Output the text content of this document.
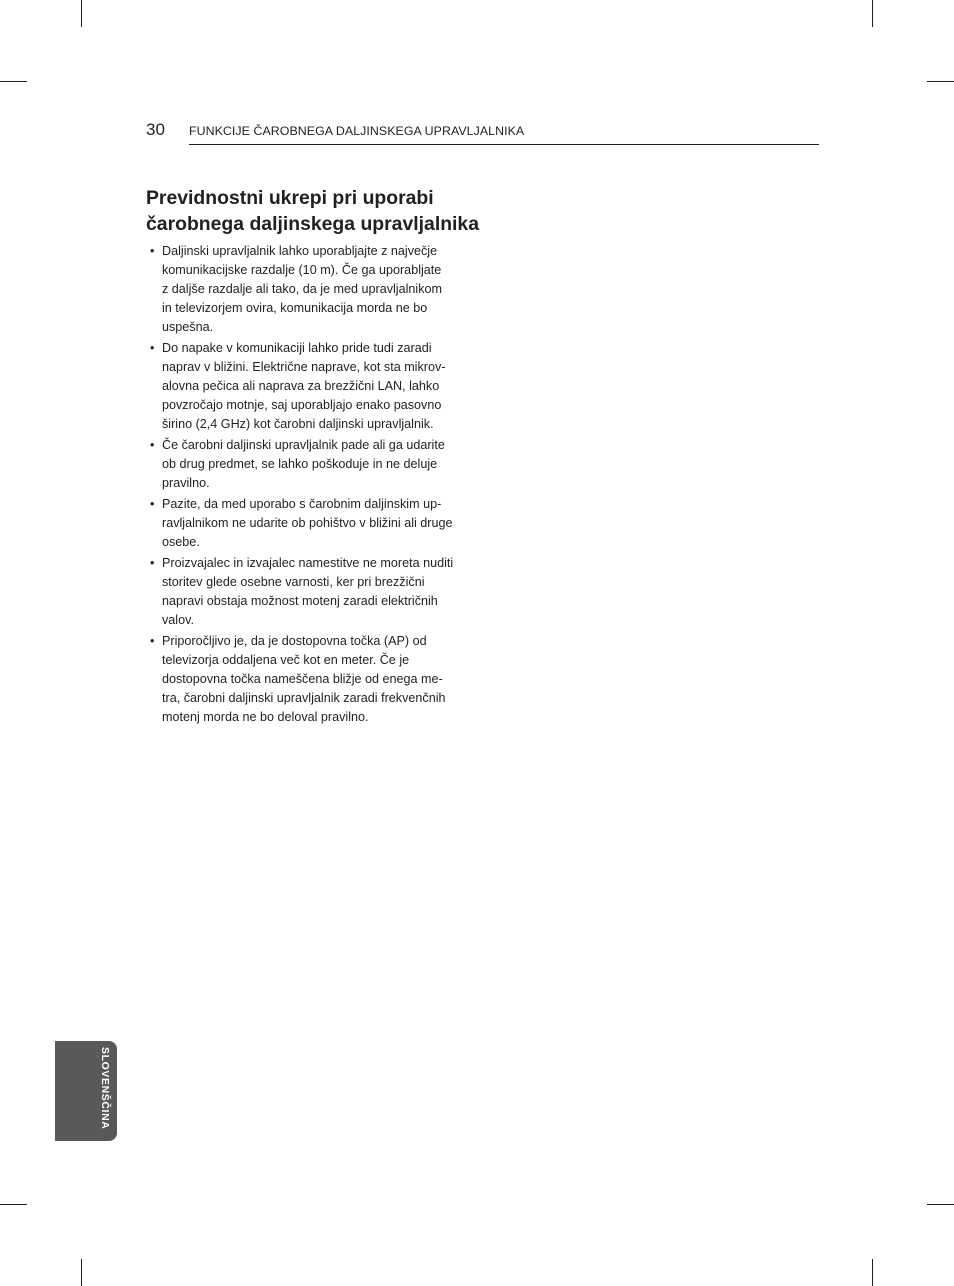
30 FUNKCIJE ČAROBNEGA DALJINSKEGA UPRAVLJALNIKA
Previdnostni ukrepi pri uporabi
čarobnega daljinskega upravljalnika
• Daljinski upravljalnik lahko uporabljajte z največje
komunikacijske razdalje (10 m). Če ga uporabljate
z daljše razdalje ali tako, da je med upravljalnikom
in televizorjem ovira, komunikacija morda ne bo
uspešna.
• Do napake v komunikaciji lahko pride tudi zaradi
naprav v bližini. Električne naprave, kot sta mikrov-
alovna pečica ali naprava za brezžični LAN, lahko
povzročajo motnje, saj uporabljajo enako pasovno
širino (2,4 GHz) kot čarobni daljinski upravljalnik.
• Če čarobni daljinski upravljalnik pade ali ga udarite
ob drug predmet, se lahko poškoduje in ne deluje
pravilno.
• Pazite, da med uporabo s čarobnim daljinskim up-
ravljalnikom ne udarite ob pohištvo v bližini ali druge
osebe.
• Proizvajalec in izvajalec namestitve ne moreta nuditi
storitev glede osebne varnosti, ker pri brezžični
napravi obstaja možnost motenj zaradi električnih
valov.
• Priporočljivo je, da je dostopovna točka (AP) od
televizorja oddaljena več kot en meter. Če je
dostopovna točka nameščena bližje od enega me-
tra, čarobni daljinski upravljalnik zaradi frekvenčnih
motenj morda ne bo deloval pravilno.
SLOVENŠČINA
